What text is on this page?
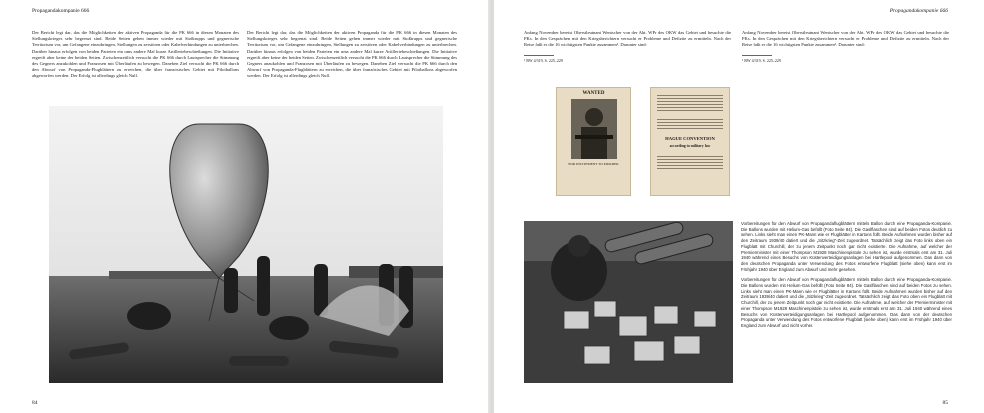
Propagandakompanie 666
Der Bericht legt dar, das die Möglichkeiten der aktiven Propaganda für die PK 666 in diesen Monaten des Stellungskrieges sehr begrenzt sind. Beide Seiten gehen immer wieder mit Stoßtrupps und gegnerische Territorium vor, um Gefangene einzubringen, Stellungen zu zerstören oder Kabelverbindungen zu unterbrechen. Darüber hinaus erfolgen von beiden Parteien ein ums andere Mal kurze Artilleriebeschießungen. Die Initiative ergreift aber keine der beiden Seiten. Zwischenzeitlich versucht die PK 666 durch Lautsprecher die Stimmung des Gegners anzukohlen und Franzosen mit Überläufen zu bewegen. Daneben Ziel versucht die PK 666 durch den Abwurf von Propaganda-Flugblättern zu erreichen, die über französisches Gebiet mit Pilotballons abgeworfen werden. Der Erfolg ist allerdings gleich Null.
Der Bericht legt dar, das die Möglichkeiten der aktiven Propaganda für die PK 666 in diesen Monaten des Stellungskrieges sehr begrenzt sind. Beide Seiten gehen immer wieder mit Stoßtrupps und gegnerische Territorium vor, um Gefangene einzubringen, Stellungen zu zerstören oder Kabelverbindungen zu unterbrechen. Darüber hinaus erfolgen von beiden Parteien ein ums andere Mal kurze Artilleriebeschießungen. Die Initiative ergreift aber keine der beiden Seiten. Zwischenzeitlich versucht die PK 666 durch Lautsprecher die Stimmung des Gegners anzukohlen und Franzosen mit Überläufen zu bewegen. Daneben Ziel versucht die PK 666 durch den Abwurf von Propaganda-Flugblättern zu erreichen, die über französisches Gebiet mit Pilotballons abgeworfen werden. Der Erfolg ist allerdings gleich Null.
84
Propagandakompanie 666
Anfang November bereist Oberstleutnant Wentscher von der Abt. WPr des OKW das Gebiet und besuchte die PKs. In den Gesprächen mit den Kriegsberichtern versucht er Probleme und Defizite zu ermitteln. Nach der Reise faßt er die 16 wichtigsten Punkte zusammen¹. Darunter sind:
Anfang November bereist Oberstleutnant Wentscher von der Abt. WPr des OKW das Gebiet und besuchte die PKs. In den Gesprächen mit den Kriegsberichtern versucht er Probleme und Defizite zu ermitteln. Nach der Reise faßt er die 16 wichtigsten Punkte zusammen¹. Darunter sind:
¹ BW 4/319, S. 225–229	¹ BW 4/319, S. 225–229
WANTED
FOR INCITEMENT TO MURDER
HAGUE CONVENTION
according to military law

Vorbereitungen für den Abwurf von Propagandaflugblättern mittels Ballon durch eine Propaganda-Kompanie. Die Ballons wurden mit Helium-Gas befüllt (Foto Seite 84). Die Gaslflaschen sind auf beiden Fotos deutlich zu sehen. Links sieht man einen PK-Mann wie er Flugblätter in Kartons füllt. Beide Aufnahmen wurden bisher auf den Zeitraum 1939/40 datiert und die „Sitzkrieg“-Zeit zugeordnet. Tatsächlich zeigt das Foto links oben ein Flugblatt mit Churchill, der zu jenem Zeitpunkt noch gar nicht existierte. Die Aufnahme, auf welcher der Premierminister mit einer Thompson M1928 Maschinenpistole zu sehen ist, wurde erstmals erst am 31. Juli 1940 während eines Besuchs von Küstenverteidigungsanlagen bei Hartlepool aufgenommen. Das dann von den deutschen Propaganda unter Verwendung des Fotos entworfene Flugblatt (siehe oben) kann erst im Frühjahr 1940 über England zum Abwurf und mehr gesehen.

Vorbereitungen für den Abwurf von Propagandaflugblättern mittels Ballon durch eine Propaganda-Kompanie. Die Ballons wurden mit Helium-Gas befüllt (Foto Seite 84). Die Gaslflaschen sind auf beiden Fotos zu sehen. Links sieht man einen PK-Mann wie er Flugblätter in Kartons füllt. Beide Aufnahmen wurden bisher auf den Zeitraum 1939/40 datiert und die „Sitzkrieg“-Zeit zugeordnet. Tatsächlich zeigt das Foto oben ein Flugblatt mit Churchill, der zu jenem Zeitpunkt noch gar nicht existierte. Die Aufnahme, auf welcher der Premierminister mit einer Thompson M1928 Maschinenpistole zu sehen ist, wurde erstmals erst am 31. Juli 1940 während eines Besuchs von Küstenverteidigungsanlagen bei Hartlepool aufgenommen. Das dann von der deutschen Propaganda unter Verwendung des Fotos entworfene Flugblatt (siehe oben) kann erst im Frühjahr 1940 über England zum Abwurf und nicht vorher.

85
